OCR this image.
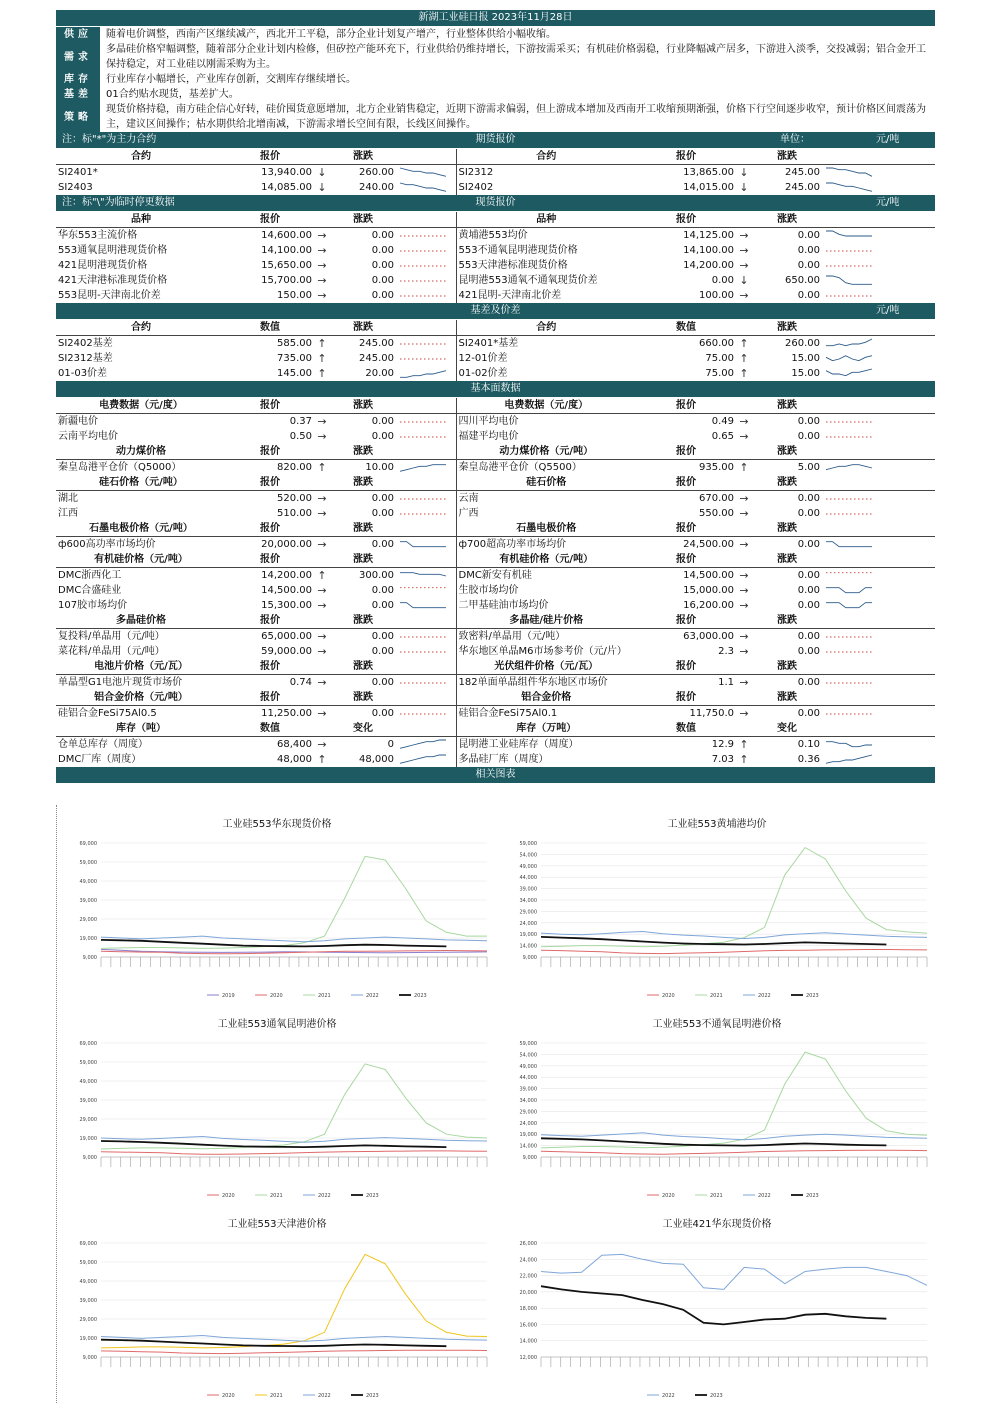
新湖工业硅日报 2023年11月28日
供应	随着电价调整，西南产区继续减产，西北开工平稳，部分企业计划复产增产，行业整体供给小幅收缩。
需求	多晶硅价格窄幅调整，随着部分企业计划内检修，但矽控产能环充下，行业供给仍维持增长，下游按需采买；有机硅价格弱稳，行业降幅减产居多，下游进入淡季，交投减弱；铝合金开工保持稳定，对工业硅以刚需采购为主。
库存	行业库存小幅增长，产业库存创新，交割库存继续增长。
基差	01合约贴水现货，基差扩大。
策略	现货价格持稳，南方硅企信心好转，硅价囤货意愿增加，北方企业销售稳定，近期下游需求偏弱，但上游成本增加及西南开工收缩预期渐强，价格下行空间逐步收窄，预计价格区间震荡为主，建议区间操作；枯水期供给北增南减，下游需求增长空间有限，长线区间操作。
注：标"*"为主力合约	期货报价	单位：	元/吨
合约	报价		涨跌		合约	报价		涨跌	
SI2401*	13,940.00	↓	260.00		SI2312	13,865.00	↓	245.00	

SI2403	14,085.00	↓	240.00		SI2402	14,015.00	↓	245.00	
注：标"\"为临时停更数据	现货报价	元/吨
品种	报价		涨跌		品种	报价		涨跌	
华东553主流价格	14,600.00	→	0.00		黄埔港553均价	14,125.00	→	0.00	

553通氧昆明港现货价格	14,100.00	→	0.00		553不通氧昆明港现货价格	14,100.00	→	0.00	

421昆明港现货价格	15,650.00	→	0.00		553天津港标准现货价格	14,200.00	→	0.00	

421天津港标准现货价格	15,700.00	→	0.00		昆明港553通氧不通氧现货价差	0.00	↓	650.00	

553昆明-天津南北价差	150.00	→	0.00		421昆明-天津南北价差	100.00	→	0.00	
基差及价差	元/吨
合约	数值		涨跌		合约	数值		涨跌	
SI2402基差	585.00	↑	245.00		SI2401*基差	660.00	↑	260.00	

SI2312基差	735.00	↑	245.00		12-01价差	75.00	↑	15.00	

01-03价差	145.00	↑	20.00		01-02价差	75.00	↑	15.00	
基本面数据
电费数据（元/度）	报价		涨跌		电费数据（元/度）	报价		涨跌	
新疆电价	0.37	→	0.00		四川平均电价	0.49	→	0.00	

云南平均电价	0.50	→	0.00		福建平均电价	0.65	→	0.00	

动力煤价格	报价		涨跌		动力煤价格（元/吨）	报价		涨跌	
秦皇岛港平仓价（Q5000）	820.00	↑	10.00		秦皇岛港平仓价（Q5500）	935.00	↑	5.00	

硅石价格（元/吨）	报价		涨跌		硅石价格	报价		涨跌	
湖北	520.00	→	0.00		云南	670.00	→	0.00	

江西	510.00	→	0.00		广西	550.00	→	0.00	

石墨电极价格（元/吨）	报价		涨跌		石墨电极价格	报价		涨跌	
ф600高功率市场均价	20,000.00	→	0.00		ф700超高功率市场均价	24,500.00	→	0.00	

有机硅价格（元/吨）	报价		涨跌		有机硅价格（元/吨）	报价		涨跌	
DMC浙西化工	14,200.00	↑	300.00		DMC新安有机硅	14,500.00	→	0.00	

DMC合盛硅业	14,500.00	→	0.00		生胶市场均价	15,000.00	→	0.00	

107胶市场均价	15,300.00	→	0.00		二甲基硅油市场均价	16,200.00	→	0.00	

多晶硅价格	报价		涨跌		多晶硅/硅片价格	报价		涨跌	
复投料/单晶用（元/吨）	65,000.00	→	0.00		致密料/单晶用（元/吨）	63,000.00	→	0.00	

菜花料/单晶用（元/吨）	59,000.00	→	0.00		华东地区单晶M6市场参考价（元/片）	2.3	→	0.00	

电池片价格（元/瓦）	报价		涨跌		光伏组件价格（元/瓦）	报价		涨跌	
单晶型G1电池片现货市场价	0.74	→	0.00		182单面单晶组件华东地区市场价	1.1	→	0.00	

铝合金价格（元/吨）	报价		涨跌		铝合金价格	报价		涨跌	
硅铝合金FeSi75Al0.5	11,250.00	→	0.00		硅铝合金FeSi75Al0.1	11,750.0	→	0.00	

库存（吨）	数值		变化		库存（万吨）	数值		变化	
仓单总库存（周度）	68,400	→	0		昆明港工业硅库存（周度）	12.9	↑	0.10	

DMC厂库（周度）	48,000	↑	48,000		多晶硅厂库（周度）	7.03	↑	0.36	
相关图表
工业硅553华东现货价格
69,000
59,000
49,000
39,000
29,000
19,000
9,000
2019	2020	2021	2022	2023
工业硅553黄埔港均价
59,000
54,000
49,000
44,000
39,000
34,000
29,000
24,000
19,000
14,000
9,000
2020	2021	2022	2023
工业硅553通氧昆明港价格
69,000
59,000
49,000
39,000
29,000
19,000
9,000
2020	2021	2022	2023
工业硅553不通氧昆明港价格
59,000
54,000
49,000
44,000
39,000
34,000
29,000
24,000
19,000
14,000
9,000
2020	2021	2022	2023
工业硅553天津港价格
69,000
59,000
49,000
39,000
29,000
19,000
9,000
2020	2021	2022	2023
工业硅421华东现货价格
26,000
24,000
22,000
20,000
18,000
16,000
14,000
12,000
2022	2023
